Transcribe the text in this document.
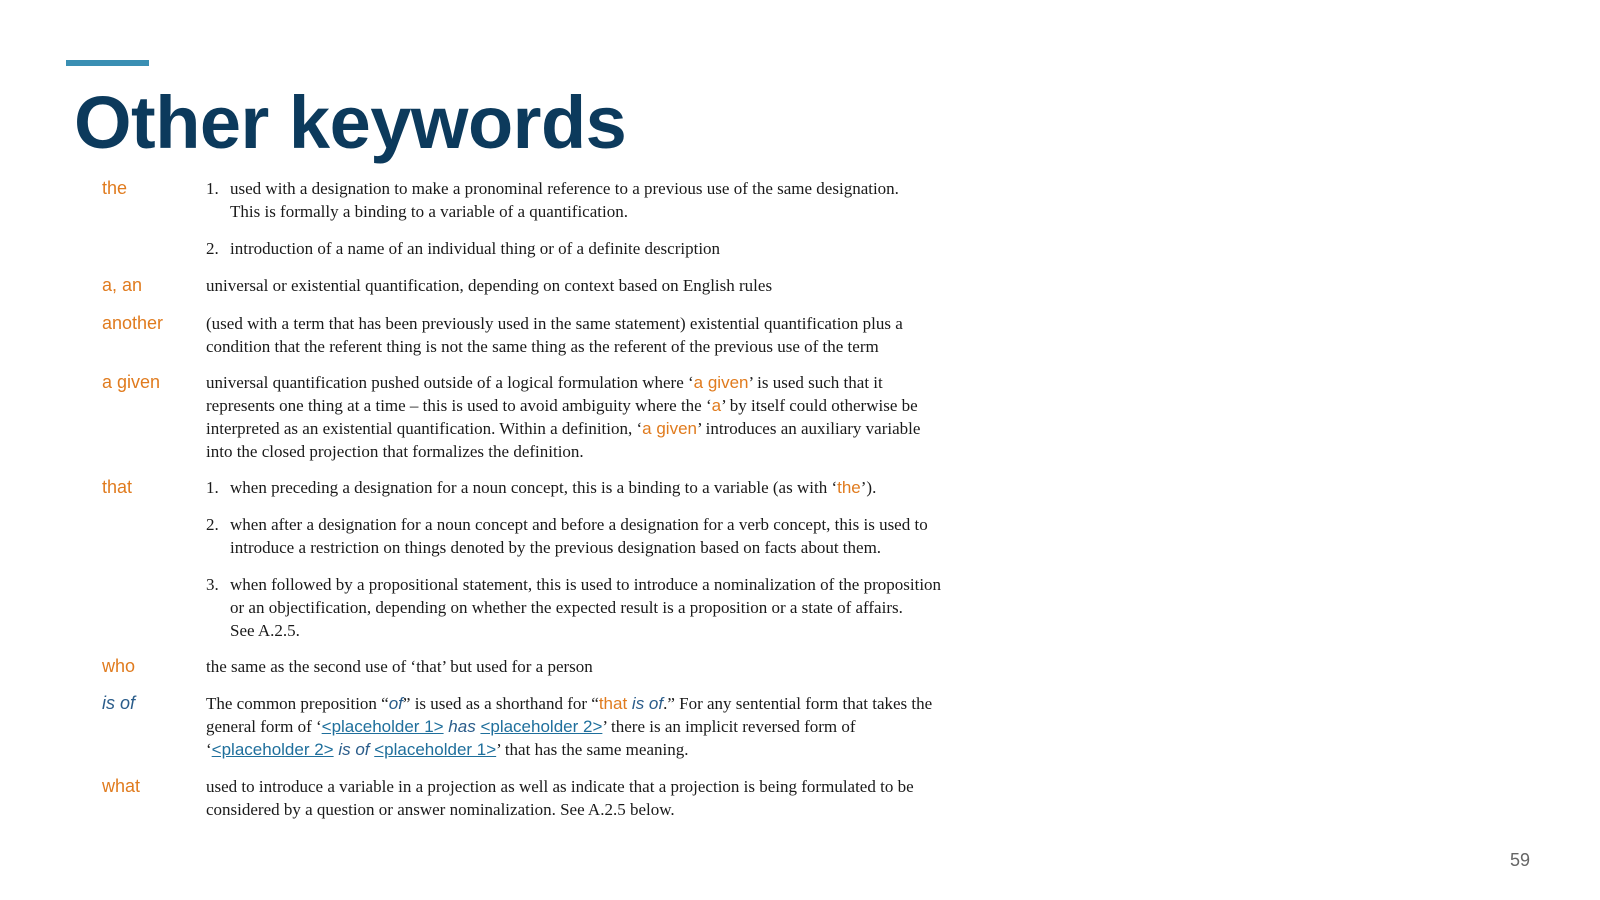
Other keywords
the	1. used with a designation to make a pronominal reference to a previous use of the same designation.
This is formally a binding to a variable of a quantification.
2. introduction of a name of an individual thing or of a definite description
a, an	universal or existential quantification, depending on context based on English rules
another	(used with a term that has been previously used in the same statement) existential quantification plus a
condition that the referent thing is not the same thing as the referent of the previous use of the term
a given	universal quantification pushed outside of a logical formulation where ‘a given’ is used such that it
represents one thing at a time – this is used to avoid ambiguity where the ‘a’ by itself could otherwise be
interpreted as an existential quantification. Within a definition, ‘a given’ introduces an auxiliary variable
into the closed projection that formalizes the definition.
that	1. when preceding a designation for a noun concept, this is a binding to a variable (as with ‘the’).
2. when after a designation for a noun concept and before a designation for a verb concept, this is used to
introduce a restriction on things denoted by the previous designation based on facts about them.
3. when followed by a propositional statement, this is used to introduce a nominalization of the proposition
or an objectification, depending on whether the expected result is a proposition or a state of affairs.
See A.2.5.
who	the same as the second use of ‘that’ but used for a person
is of	The common preposition “of” is used as a shorthand for “that is of.” For any sentential form that takes the
general form of ‘<placeholder 1> has <placeholder 2>’ there is an implicit reversed form of
‘<placeholder 2> is of <placeholder 1>’ that has the same meaning.
what	used to introduce a variable in a projection as well as indicate that a projection is being formulated to be
considered by a question or answer nominalization. See A.2.5 below.
59
